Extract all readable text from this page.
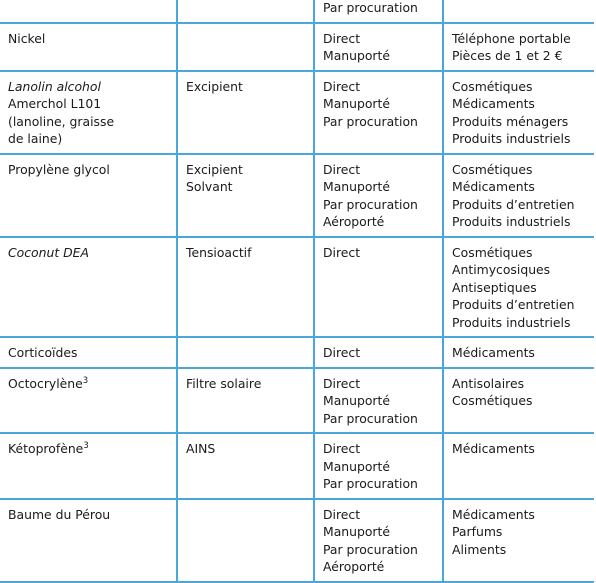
		Par procuration	

Nickel		Direct
Manuporté	Téléphone portable
Pièces de 1 et 2 €

Lanolin alcohol
Amerchol L101
(lanoline, graisse
de laine)	Excipient	Direct
Manuporté
Par procuration	Cosmétiques
Médicaments
Produits ménagers
Produits industriels

Propylène glycol	Excipient
Solvant	Direct
Manuporté
Par procuration
Aéroporté	Cosmétiques
Médicaments
Produits d’entretien
Produits industriels

Coconut DEA	Tensioactif	Direct	Cosmétiques
Antimycosiques
Antiseptiques
Produits d’entretien
Produits industriels

Corticoïdes		Direct	Médicaments

Octocrylène$^3$	Filtre solaire	Direct
Manuporté
Par procuration	Antisolaires
Cosmétiques

Kétoprofène$^3$	AINS	Direct
Manuporté
Par procuration	Médicaments

Baume du Pérou		Direct
Manuporté
Par procuration
Aéroporté	Médicaments
Parfums
Aliments
